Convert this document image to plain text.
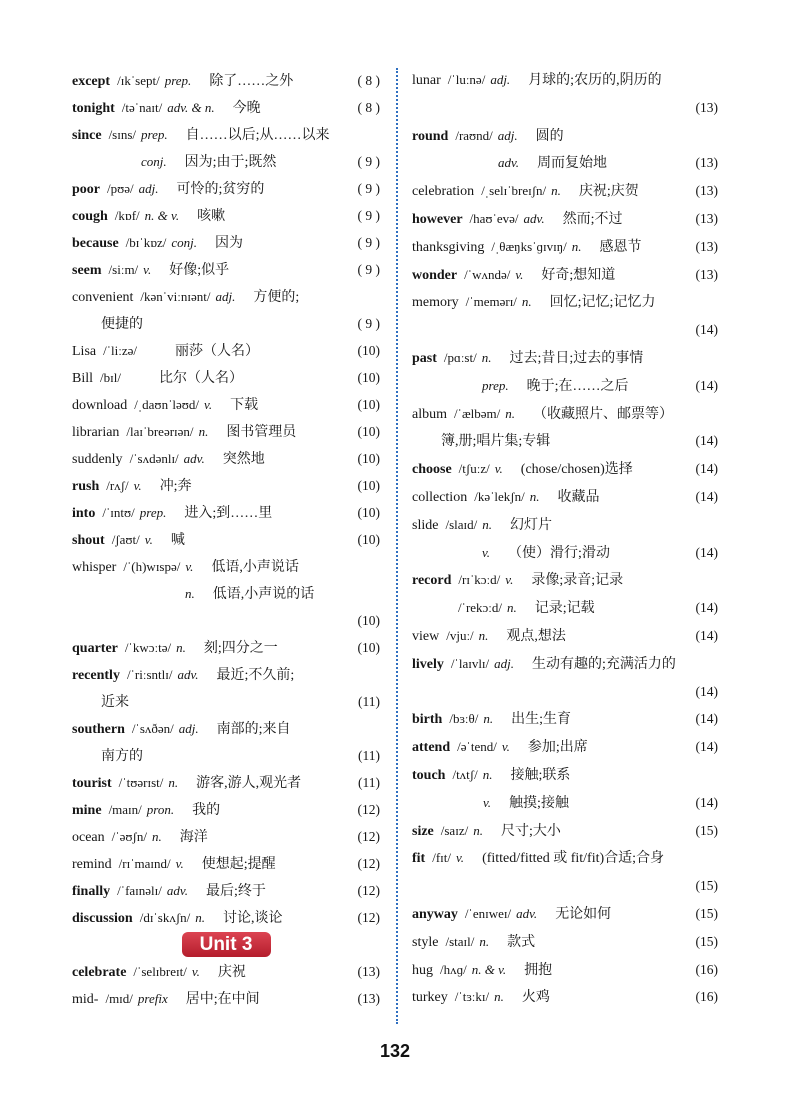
except /ɪkˈsept/ prep. 除了……之外	( 8 )
tonight /təˈnaɪt/ adv. & n. 今晚	( 8 )
since /sɪns/ prep. 自……以后;从……以来
conj. 因为;由于;既然	( 9 )
poor /pʊə/ adj. 可怜的;贫穷的	( 9 )
cough /kɒf/ n. & v. 咳嗽	( 9 )
because /bɪˈkɒz/ conj. 因为	( 9 )
seem /siːm/ v. 好像;似乎	( 9 )
convenient /kənˈviːnɪənt/ adj. 方便的;
便捷的	( 9 )
Lisa /ˈliːzə/	丽莎（人名）	(10)
Bill /bɪl/	比尔（人名）	(10)
download /ˌdaʊnˈləʊd/ v. 下载	(10)
librarian /laɪˈbreərɪən/ n. 图书管理员	(10)
suddenly /ˈsʌdənlɪ/ adv. 突然地	(10)
rush /rʌʃ/ v. 冲;奔	(10)
into /ˈɪntʊ/ prep. 进入;到……里	(10)
shout /ʃaʊt/ v. 喊	(10)
whisper /ˈ(h)wɪspə/ v. 低语,小声说话
n. 低语,小声说的话
(10)
quarter /ˈkwɔːtə/ n. 刻;四分之一	(10)
recently /ˈriːsntlɪ/ adv. 最近;不久前;
近来	(11)
southern /ˈsʌðən/ adj. 南部的;来自
南方的	(11)
tourist /ˈtʊərɪst/ n. 游客,游人,观光者	(11)
mine /maɪn/ pron. 我的	(12)
ocean /ˈəʊʃn/ n. 海洋	(12)
remind /rɪˈmaɪnd/ v. 使想起;提醒	(12)
finally /ˈfaɪnəlɪ/ adv. 最后;终于	(12)
discussion /dɪˈskʌʃn/ n. 讨论,谈论	(12)
Unit 3
celebrate /ˈselɪbreɪt/ v. 庆祝	(13)
mid- /mɪd/ prefix 居中;在中间	(13)
lunar /ˈluːnə/ adj. 月球的;农历的,阴历的
(13)
round /raʊnd/ adj. 圆的
adv. 周而复始地	(13)
celebration /ˌselɪˈbreɪʃn/ n. 庆祝;庆贺	(13)
however /haʊˈevə/ adv. 然而;不过	(13)
thanksgiving /ˌθæŋksˈɡɪvɪŋ/ n. 感恩节	(13)
wonder /ˈwʌndə/ v. 好奇;想知道	(13)
memory /ˈmemərɪ/ n. 回忆;记忆;记忆力
(14)
past /pɑːst/ n. 过去;昔日;过去的事情
prep. 晚于;在……之后	(14)
album /ˈælbəm/ n. （收藏照片、邮票等）
簿,册;唱片集;专辑	(14)
choose /tʃuːz/ v. (chose/chosen)选择	(14)
collection /kəˈlekʃn/ n. 收藏品	(14)
slide /slaɪd/ n. 幻灯片
v. （使）滑行;滑动	(14)
record /rɪˈkɔːd/ v. 录像;录音;记录
/ˈrekɔːd/ n. 记录;记载	(14)
view /vjuː/ n. 观点,想法	(14)
lively /ˈlaɪvlɪ/ adj. 生动有趣的;充满活力的
(14)
birth /bɜːθ/ n. 出生;生育	(14)
attend /əˈtend/ v. 参加;出席	(14)
touch /tʌtʃ/ n. 接触;联系
v. 触摸;接触	(14)
size /saɪz/ n. 尺寸;大小	(15)
fit /fɪt/ v. (fitted/fitted 或 fit/fit)合适;合身
(15)
anyway /ˈenɪweɪ/ adv. 无论如何	(15)
style /staɪl/ n. 款式	(15)
hug /hʌɡ/ n. & v. 拥抱	(16)
turkey /ˈtɜːkɪ/ n. 火鸡	(16)
132
